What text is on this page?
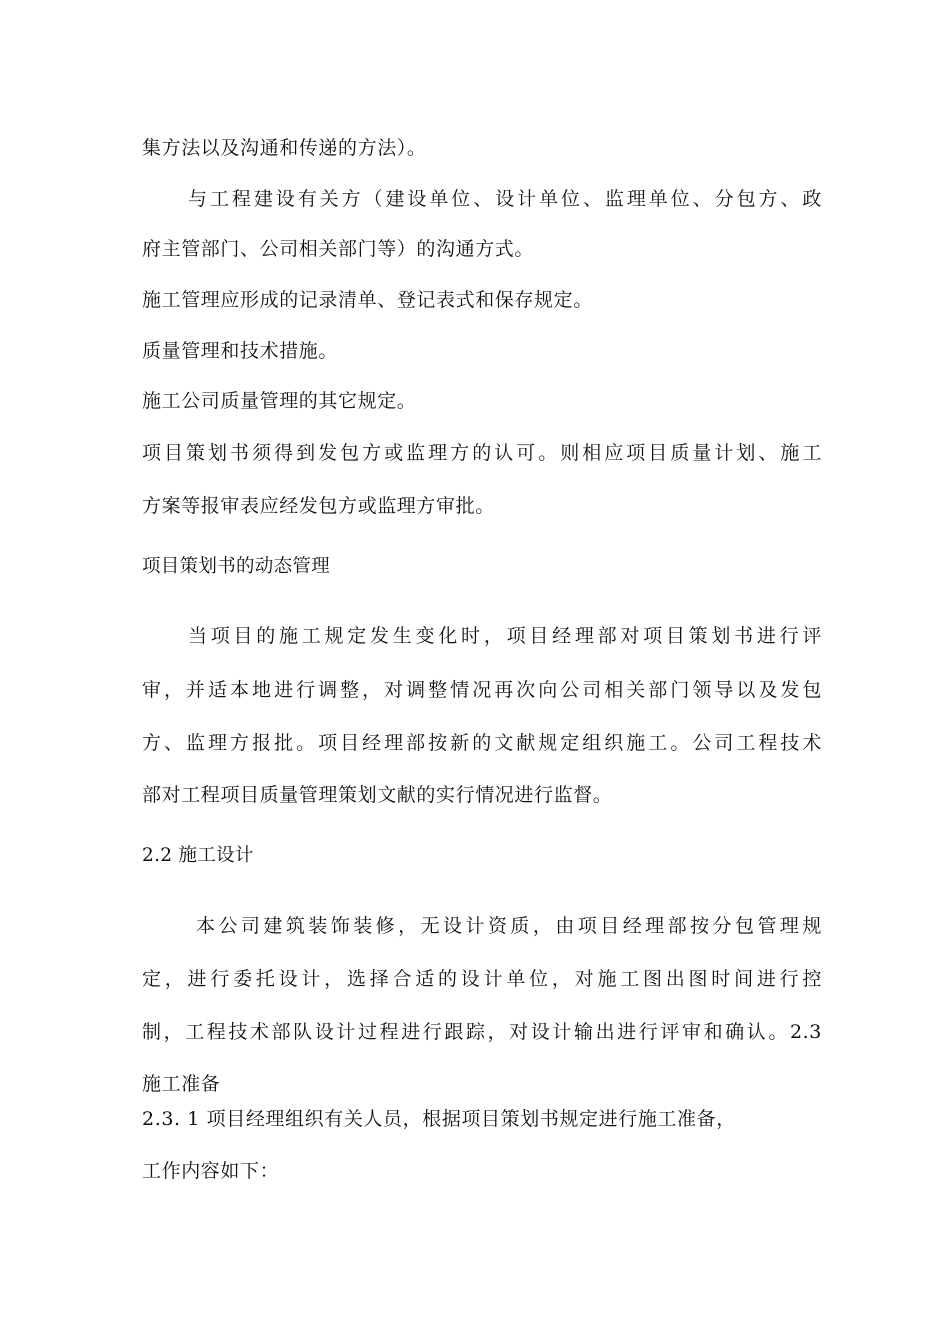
集方法以及沟通和传递的方法）。
与工程建设有关方（建设单位、设计单位、监理单位、分包方、政
府主管部门、公司相关部门等）的沟通方式。
施工管理应形成的记录清单、登记表式和保存规定。
质量管理和技术措施。
施工公司质量管理的其它规定。
项目策划书须得到发包方或监理方的认可。则相应项目质量计划、施工
方案等报审表应经发包方或监理方审批。
项目策划书的动态管理
当项目的施工规定发生变化时，项目经理部对项目策划书进行评
审，并适本地进行调整，对调整情况再次向公司相关部门领导以及发包
方、监理方报批。项目经理部按新的文献规定组织施工。公司工程技术
部对工程项目质量管理策划文献的实行情况进行监督。
2.2 施工设计
本公司建筑装饰装修，无设计资质，由项目经理部按分包管理规
定，进行委托设计，选择合适的设计单位，对施工图出图时间进行控
制，工程技术部队设计过程进行跟踪，对设计输出进行评审和确认。2.3
施工准备
2.3. 1 项目经理组织有关人员，根据项目策划书规定进行施工准备，
工作内容如下：
